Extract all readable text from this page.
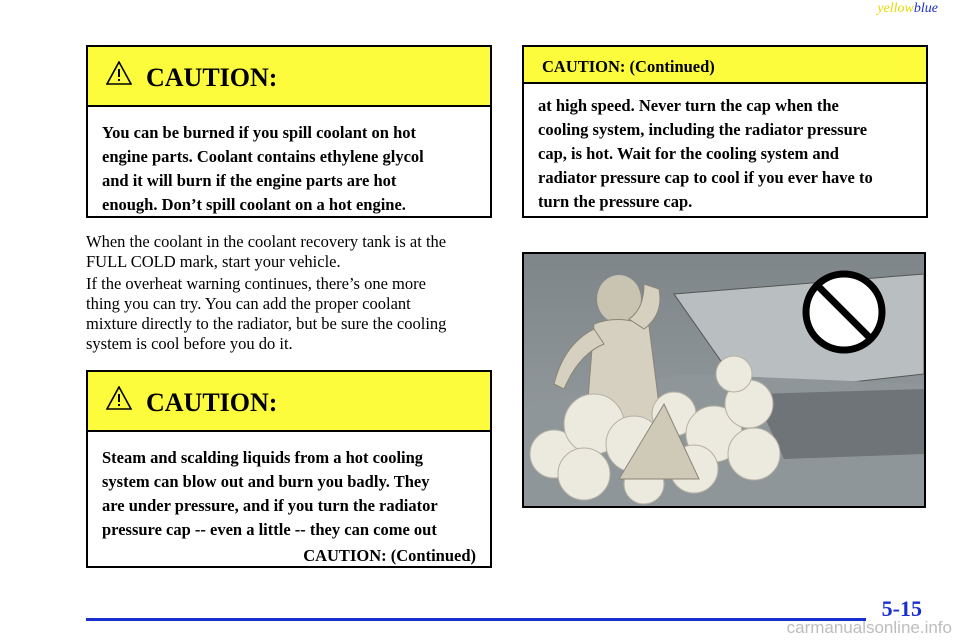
yellowblue
CAUTION:
You can be burned if you spill coolant on hot
engine parts. Coolant contains ethylene glycol
and it will burn if the engine parts are hot
enough. Don’t spill coolant on a hot engine.
When the coolant in the coolant recovery tank is at the
FULL COLD mark, start your vehicle.
If the overheat warning continues, there’s one more
thing you can try. You can add the proper coolant
mixture directly to the radiator, but be sure the cooling
system is cool before you do it.
CAUTION:
Steam and scalding liquids from a hot cooling
system can blow out and burn you badly. They
are under pressure, and if you turn the radiator
pressure cap -- even a little -- they can come out
CAUTION: (Continued)
CAUTION: (Continued)
at high speed. Never turn the cap when the
cooling system, including the radiator pressure
cap, is hot. Wait for the cooling system and
radiator pressure cap to cool if you ever have to
turn the pressure cap.
5-15
carmanualsonline.info
